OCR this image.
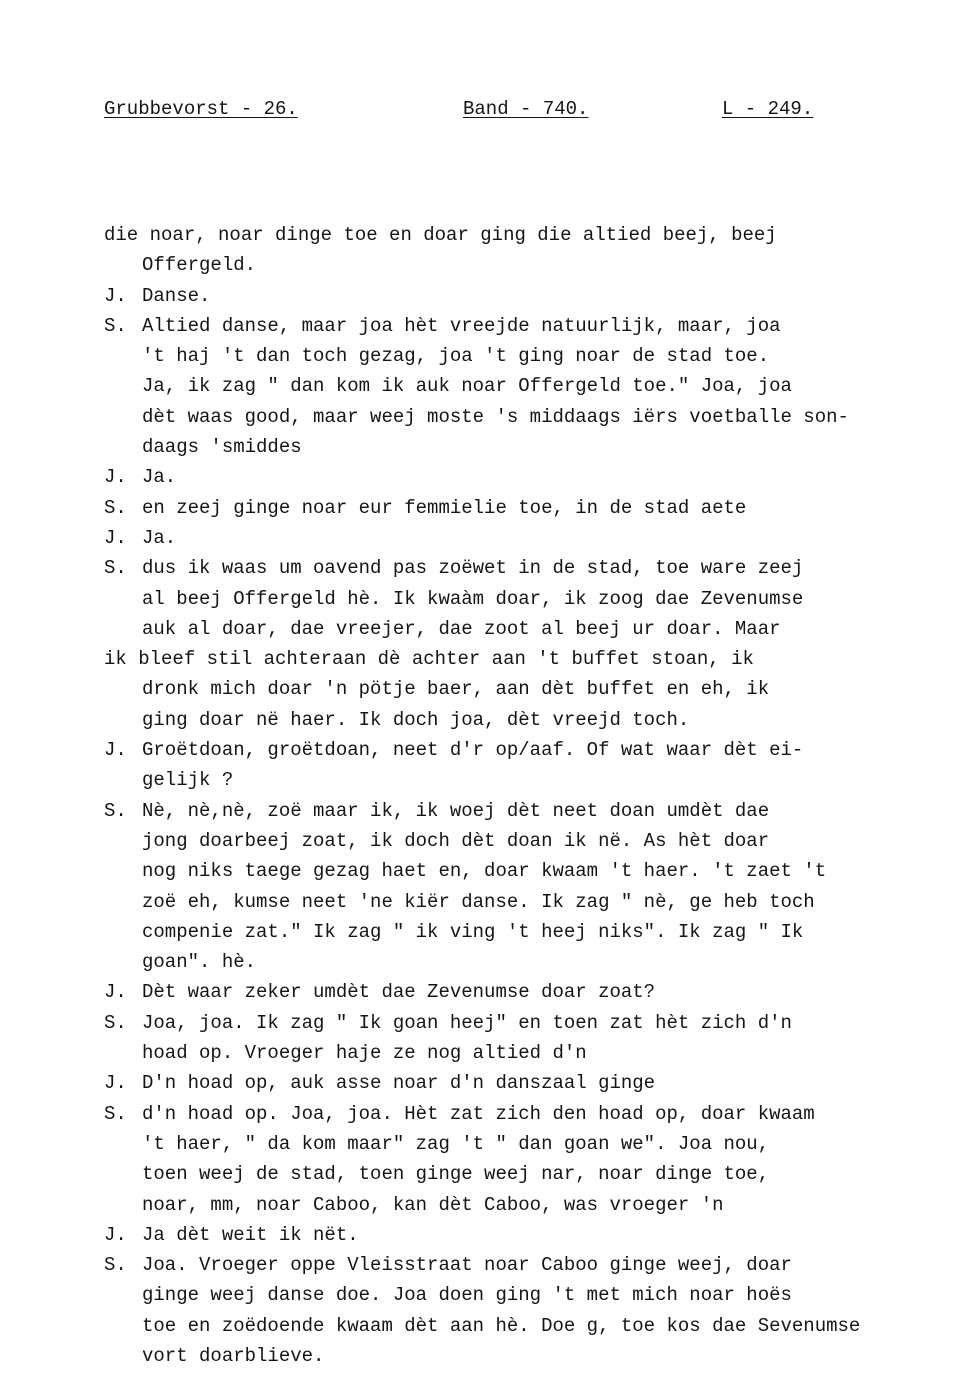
Grubbevorst - 26.	Band - 740.	L - 249.
die noar, noar dinge toe en doar ging die altied beej, beej
Offergeld.
J. Danse.
S. Altied danse, maar joa hèt vreejde natuurlijk, maar, joa
't haj 't dan toch gezag, joa 't ging noar de stad toe.
Ja, ik zag " dan kom ik auk noar Offergeld toe." Joa, joa
dèt waas good, maar weej moste 's middaags iërs voetballe son-
daags 'smiddes
J. Ja.
S. en zeej ginge noar eur femmielie toe, in de stad aete
J. Ja.
S. dus ik waas um oavend pas zoëwet in de stad, toe ware zeej
al beej Offergeld hè. Ik kwaàm doar, ik zoog dae Zevenumse
auk al doar, dae vreejer, dae zoot al beej ur doar. Maar
ik bleef stil achteraan dè achter aan 't buffet stoan, ik
dronk mich doar 'n pötje baer, aan dèt buffet en eh, ik
ging doar në haer. Ik doch joa, dèt vreejd toch.
J. Groëtdoan, groëtdoan, neet d'r op/aaf. Of wat waar dèt ei-
gelijk ?
S. Nè, nè,nè, zoë maar ik, ik woej dèt neet doan umdèt dae
jong doarbeej zoat, ik doch dèt doan ik në. As hèt doar
nog niks taege gezag haet en, doar kwaam 't haer. 't zaet 't
zoë eh, kumse neet 'ne kiër danse. Ik zag " nè, ge heb toch
compenie zat." Ik zag " ik ving 't heej niks". Ik zag " Ik
goan". hè.
J. Dèt waar zeker umdèt dae Zevenumse doar zoat?
S. Joa, joa. Ik zag " Ik goan heej" en toen zat hèt zich d'n
hoad op. Vroeger haje ze nog altied d'n
J. D'n hoad op, auk asse noar d'n danszaal ginge
S. d'n hoad op. Joa, joa. Hèt zat zich den hoad op, doar kwaam
't haer, " da kom maar" zag 't " dan goan we". Joa nou,
toen weej de stad, toen ginge weej nar, noar dinge toe,
noar, mm, noar Caboo, kan dèt Caboo, was vroeger 'n
J. Ja dèt weit ik nët.
S. Joa. Vroeger oppe Vleisstraat noar Caboo ginge weej, doar
ginge weej danse doe. Joa doen ging 't met mich noar hoës
toe en zoëdoende kwaam dèt aan hè. Doe g, toe kos dae Sevenumse
vort doarblieve.
